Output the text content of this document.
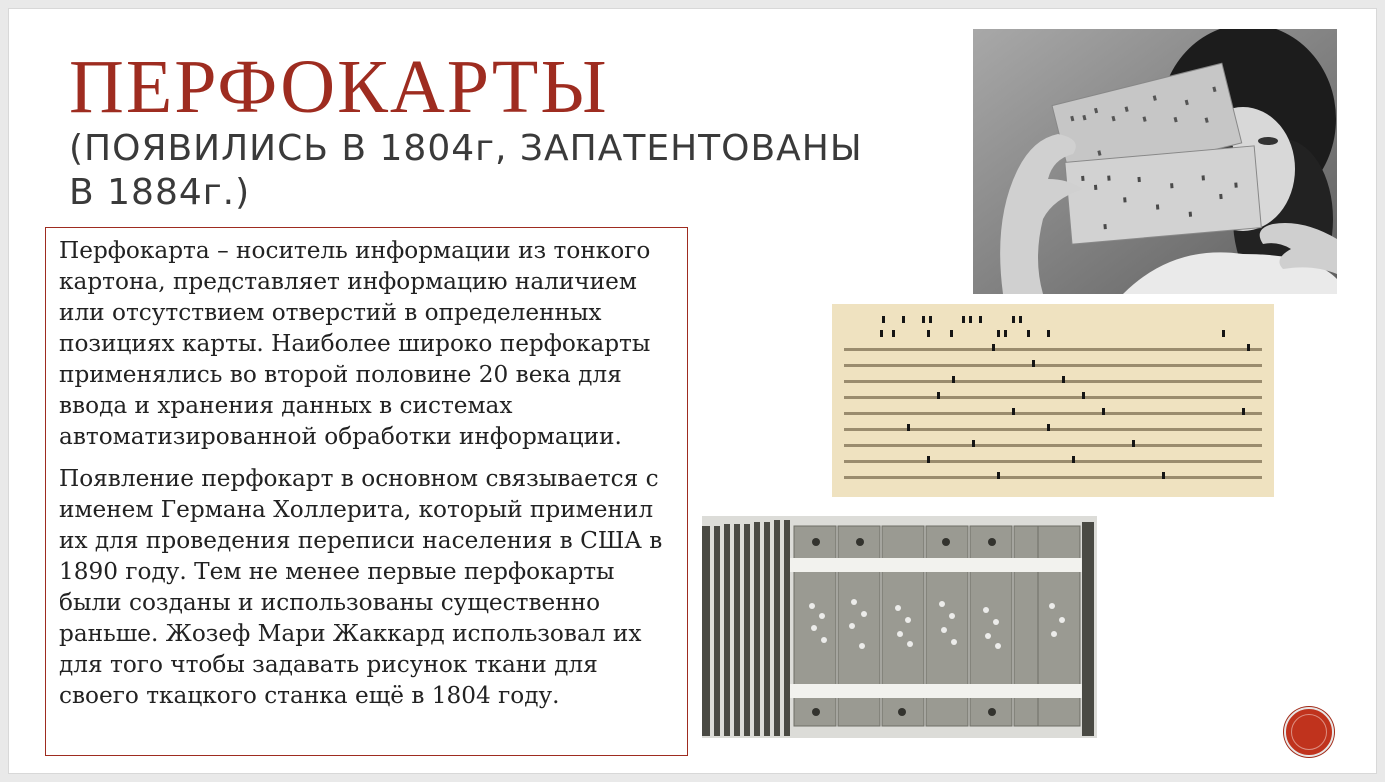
ПЕРФОКАРТЫ
(ПОЯВИЛИСЬ В 1804г, ЗАПАТЕНТОВАНЫ В 1884г.)

Перфокарта – носитель информации из тонкого картона, представляет информацию наличием или отсутствием отверстий в определенных позициях карты. Наиболее широко перфокарты применялись во второй половине 20 века для ввода и хранения данных в системах автоматизированной обработки информации.

Появление перфокарт в основном связывается с именем Германа Холлерита, который применил их для проведения переписи населения в США в 1890 году. Тем не менее первые перфокарты были созданы и использованы существенно раньше. Жозеф Мари Жаккард использовал их для того чтобы задавать рисунок ткани для своего ткацкого станка ещё в 1804 году.
